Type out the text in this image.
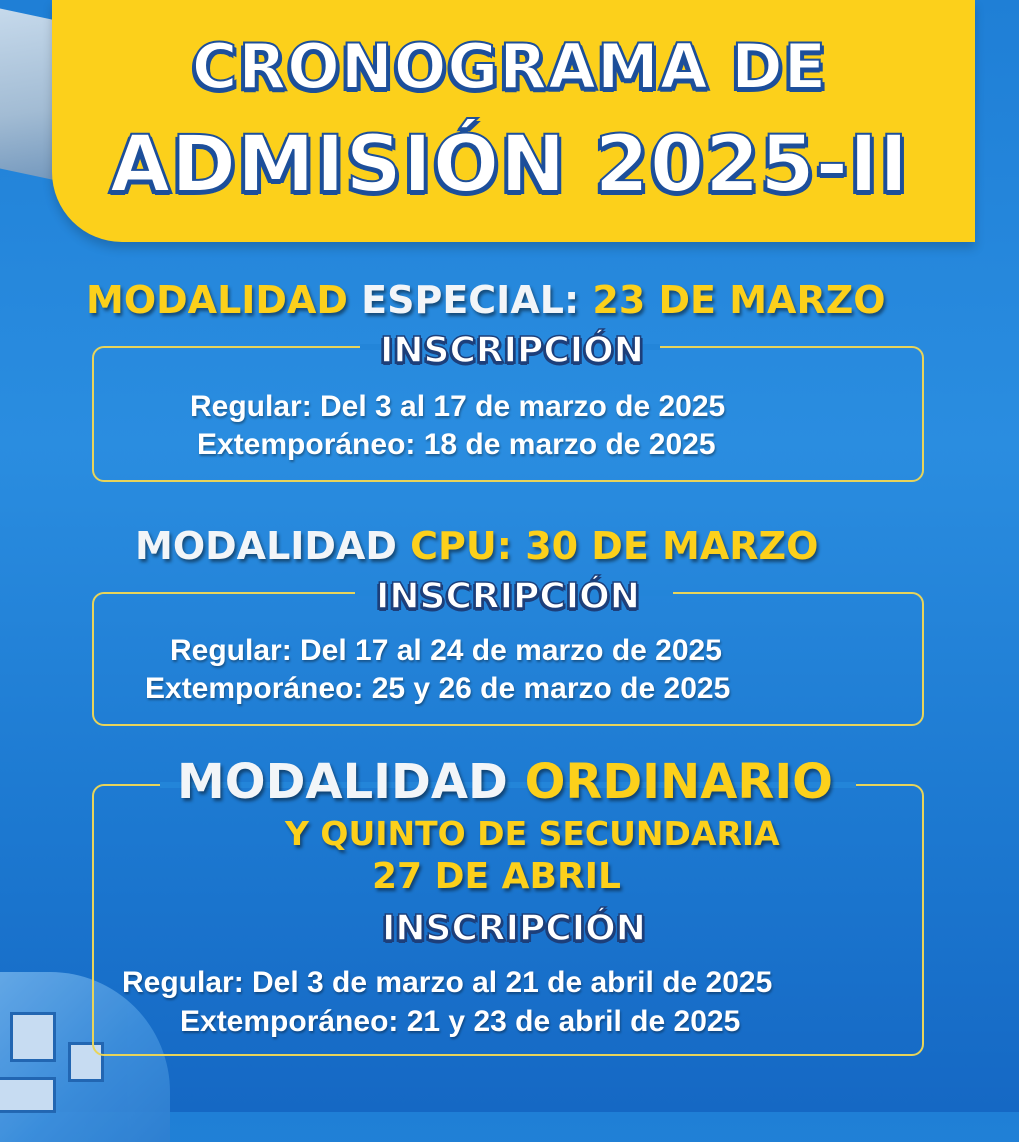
CRONOGRAMA DE
ADMISIÓN 2025-II
MODALIDAD ESPECIAL: 23 DE MARZO
INSCRIPCIÓN
Regular: Del 3 al 17 de marzo de 2025
Extemporáneo: 18 de marzo de 2025
MODALIDAD CPU: 30 DE MARZO
INSCRIPCIÓN
Regular: Del 17 al 24 de marzo de 2025
Extemporáneo: 25 y 26 de marzo de 2025
MODALIDAD ORDINARIO
Y QUINTO DE SECUNDARIA
27 DE ABRIL
INSCRIPCIÓN
Regular: Del 3 de marzo al 21 de abril de 2025
Extemporáneo: 21 y 23 de abril de 2025
